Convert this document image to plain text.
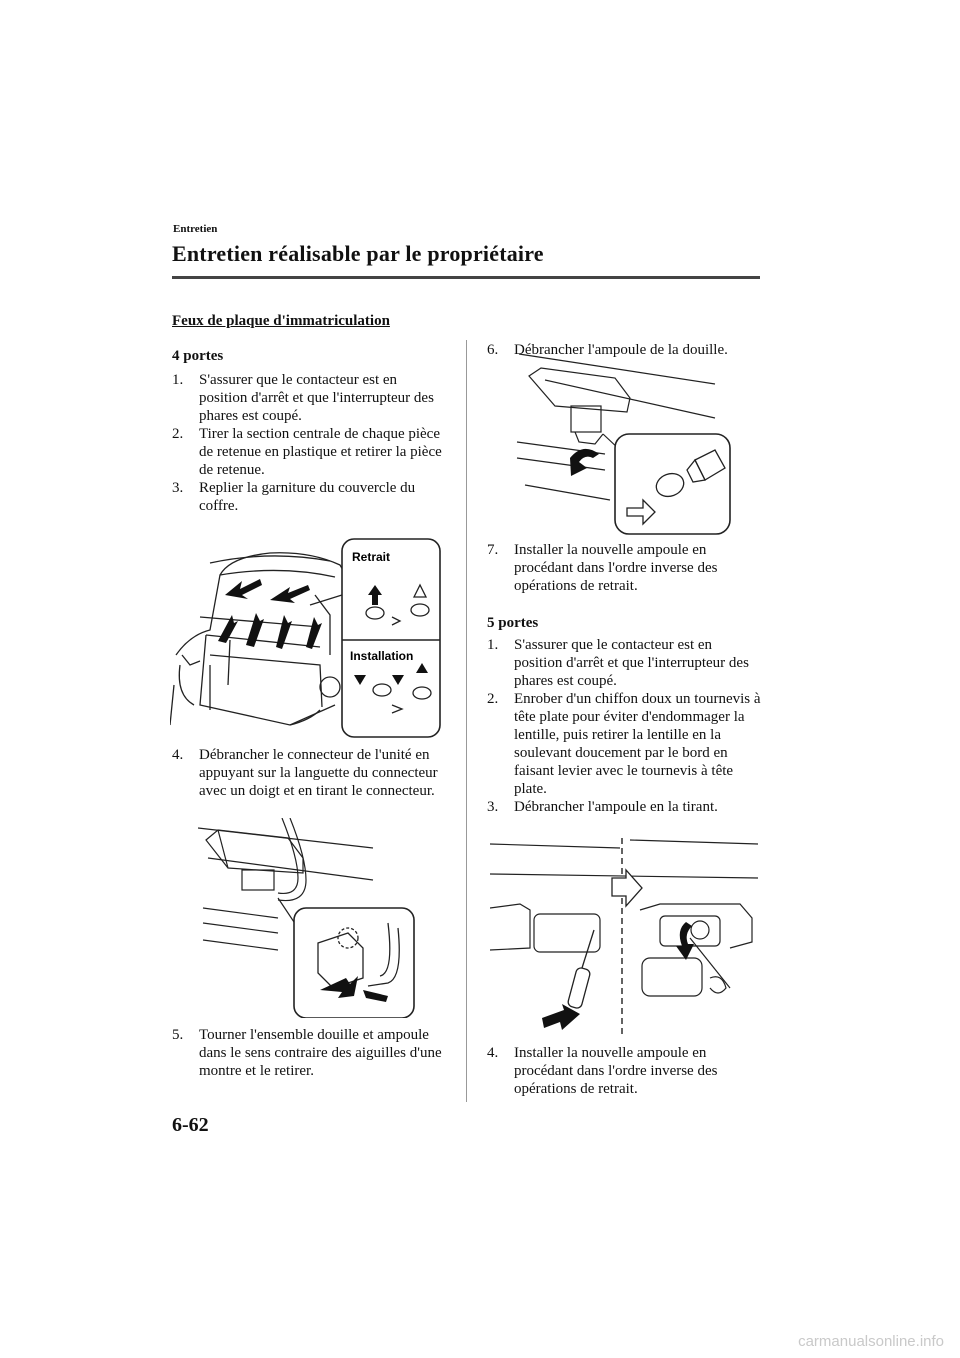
Entretien
Entretien réalisable par le propriétaire
Feux de plaque d'immatriculation
4 portes
1. S'assurer que le contacteur est en position d'arrêt et que l'interrupteur des phares est coupé.
2. Tirer la section centrale de chaque pièce de retenue en plastique et retirer la pièce de retenue.
3. Replier la garniture du couvercle du coffre.
Retrait
Installation
4. Débrancher le connecteur de l'unité en appuyant sur la languette du connecteur avec un doigt et en tirant le connecteur.
5. Tourner l'ensemble douille et ampoule dans le sens contraire des aiguilles d'une montre et le retirer.
6. Débrancher l'ampoule de la douille.
7. Installer la nouvelle ampoule en procédant dans l'ordre inverse des opérations de retrait.
5 portes
1. S'assurer que le contacteur est en position d'arrêt et que l'interrupteur des phares est coupé.
2. Enrober d'un chiffon doux un tournevis à tête plate pour éviter d'endommager la lentille, puis retirer la lentille en la soulevant doucement par le bord en faisant levier avec le tournevis à tête plate.
3. Débrancher l'ampoule en la tirant.
4. Installer la nouvelle ampoule en procédant dans l'ordre inverse des opérations de retrait.
6-62
carmanualsonline.info
